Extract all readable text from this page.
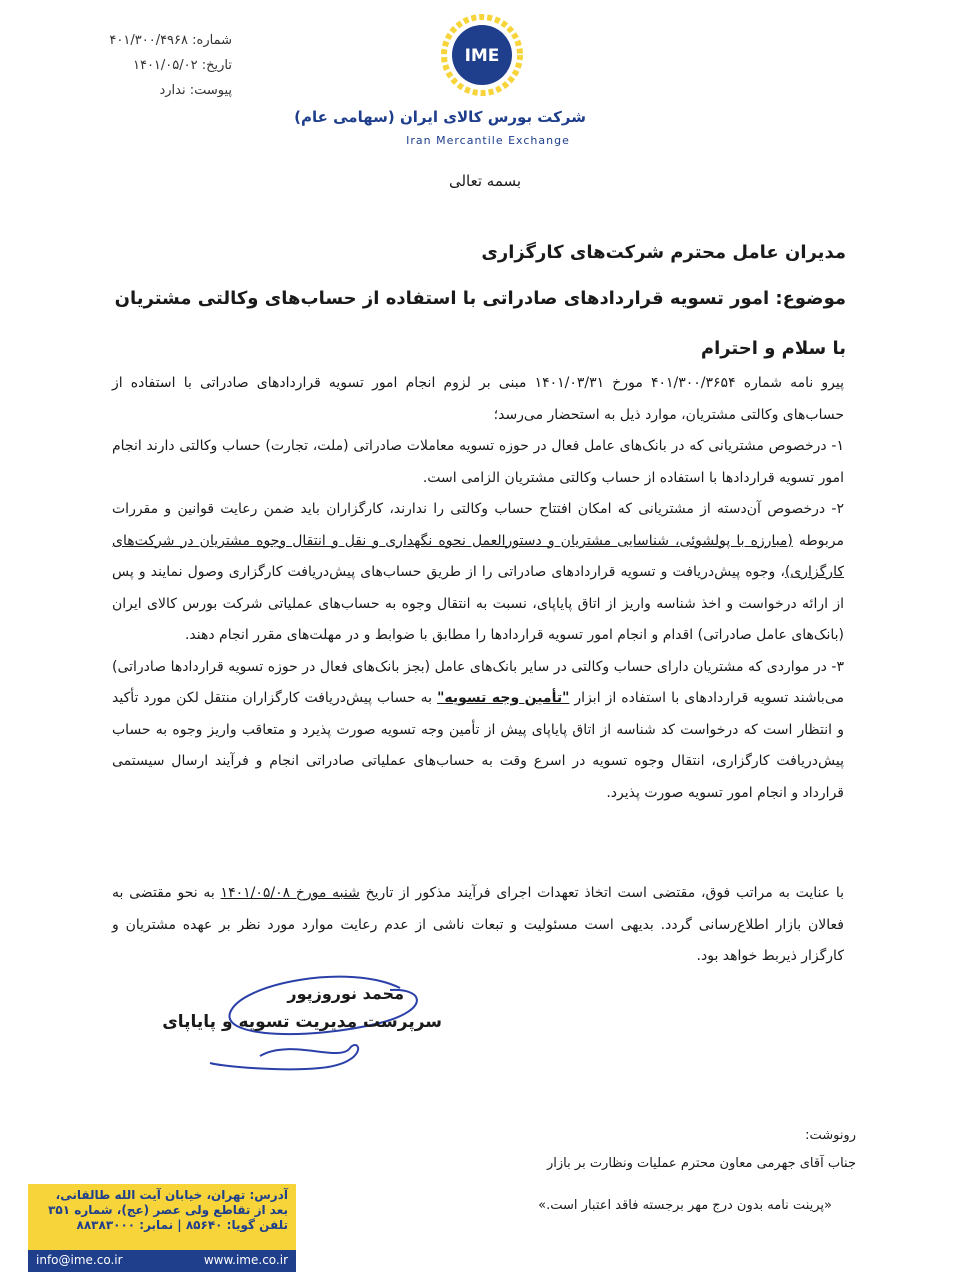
شماره: ۴۰۱/۳۰۰/۴۹۶۸
تاریخ: ۱۴۰۱/۰۵/۰۲
پیوست: ندارد
IME
شرکت بورس کالای ایران (سهامی عام)
Iran Mercantile Exchange
بسمه تعالی
مدیران عامل محترم شرکت‌های کارگزاری
موضوع: امور تسویه قراردادهای صادراتی با استفاده از حساب‌های وکالتی مشتریان
با سلام و احترام

پیرو نامه شماره ۴۰۱/۳۰۰/۳۶۵۴ مورخ ۱۴۰۱/۰۳/۳۱ مبنی بر لزوم انجام امور تسویه قراردادهای صادراتی با استفاده از حساب‌های وکالتی مشتریان، موارد ذیل به استحضار می‌رسد؛

۱- درخصوص مشتریانی که در بانک‌های عامل فعال در حوزه تسویه معاملات صادراتی (ملت، تجارت) حساب وکالتی دارند انجام امور تسویه قراردادها با استفاده از حساب وکالتی مشتریان الزامی است.

۲- درخصوص آن‌دسته از مشتریانی که امکان افتتاح حساب وکالتی را ندارند، کارگزاران باید ضمن رعایت قوانین و مقررات مربوطه (مبارزه با پولشوئی، شناسایی مشتریان و دستورالعمل نحوه نگهداری و نقل و انتقال وجوه مشتریان در شرکت‌های کارگزاری)، وجوه پیش‌دریافت و تسویه قراردادهای صادراتی را از طریق حساب‌های پیش‌دریافت کارگزاری وصول نمایند و پس از ارائه درخواست و اخذ شناسه واریز از اتاق پایاپای، نسبت به انتقال وجوه به حساب‌های عملیاتی شرکت بورس کالای ایران (بانک‌های عامل صادراتی) اقدام و انجام امور تسویه قراردادها را مطابق با ضوابط و در مهلت‌های مقرر انجام دهند.

۳- در مواردی که مشتریان دارای حساب وکالتی در سایر بانک‌های عامل (بجز بانک‌های فعال در حوزه تسویه قراردادها صادراتی) می‌باشند تسویه قراردادهای با استفاده از ابزار "تأمین وجه تسویه" به حساب پیش‌دریافت کارگزاران منتقل لکن مورد تأکید و انتظار است که درخواست کد شناسه از اتاق پایاپای پیش از تأمین وجه تسویه صورت پذیرد و متعاقب واریز وجوه به حساب پیش‌دریافت کارگزاری، انتقال وجوه تسویه در اسرع وقت به حساب‌های عملیاتی صادراتی انجام و فرآیند ارسال سیستمی قرارداد و انجام امور تسویه صورت پذیرد.

با عنایت به مراتب فوق، مقتضی است اتخاذ تعهدات اجرای فرآیند مذکور از تاریخ شنبه مورخ ۱۴۰۱/۰۵/۰۸ به نحو مقتضی به فعالان بازار اطلاع‌رسانی گردد. بدیهی است مسئولیت و تبعات ناشی از عدم رعایت موارد مورد نظر بر عهده مشتریان و کارگزار ذیربط خواهد بود.

محمد نوروزپور
سرپرست مدیریت تسویه و پایاپای
رونوشت:
جناب آقای جهرمی معاون محترم عملیات ونظارت بر بازار
«پرینت نامه بدون درج مهر برجسته فاقد اعتبار است.»
آدرس: تهران، خیابان آیت الله طالقانی،
بعد از تقاطع ولی عصر (عج)، شماره ۳۵۱
تلفن گویا: ۸۵۶۴۰ | نمابر: ۸۸۳۸۳۰۰۰
info@ime.co.ir	www.ime.co.ir
